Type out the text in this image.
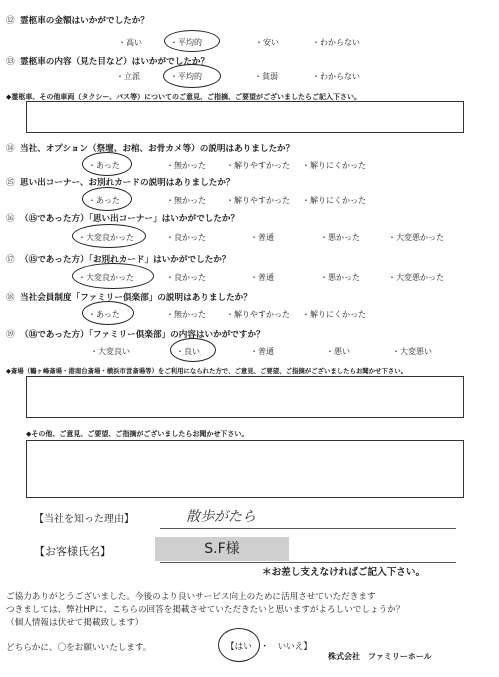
⑫ 霊柩車の金額はいかがでしたか？
・高い	・平均的	・安い	・わからない
⑬ 霊柩車の内容（見た目など）はいかがでしたか？
・立派	・平均的	・貧弱	・わからない
◆霊柩車、その他車両（タクシー、バス等）についてのご意見、ご指摘、ご要望がございましたらご記入下さい。
⑭ 当社、オプション（祭壇、お棺、お骨カメ等）の説明はありましたか？
・あった	・無かった	・解りやすかった ・解りにくかった
⑮ 思い出コーナー、お別れカードの説明はありましたか？
・あった	・無かった	・解りやすかった ・解りにくかった
⑯ （⑮であった方）「思い出コーナー」はいかがでしたか？
・大変良かった	・良かった	・普通	・悪かった	・大変悪かった
⑰ （⑮であった方）「お別れカード」はいかがでしたか？
・大変良かった	・良かった	・普通	・悪かった	・大変悪かった
⑱ 当社会員制度「ファミリー倶楽部」の説明はありましたか？
・あった	・無かった	・解りやすかった ・解りにくかった
⑲ （⑱であった方）「ファミリー倶楽部」の内容はいかがですか？
・大変良い	・良い	・普通	・悪い	・大変悪い
◆斎場（鶴ヶ峰斎場・港南台斎場・横浜市営斎場等）をご利用になられた方で、ご意見、ご要望、ご指摘がございましたらお聞かせ下さい。
◆その他、ご意見、ご要望、ご指摘がございましたらお聞かせ下さい。
【当社を知った理由】	散歩がたら
【お客様氏名】	S.F様
＊お差し支えなければご記入下さい。
ご協力ありがとうございました。今後のより良いサービス向上のために活用させていただきます
つきましては、弊社HPに、こちらの回答を掲載させていただきたいと思いますがよろしいでしょうか？
（個人情報は伏せて掲載致します）
どちらかに、〇をお願いいたします。	【はい　・　いいえ】
株式会社　ファミリーホール
